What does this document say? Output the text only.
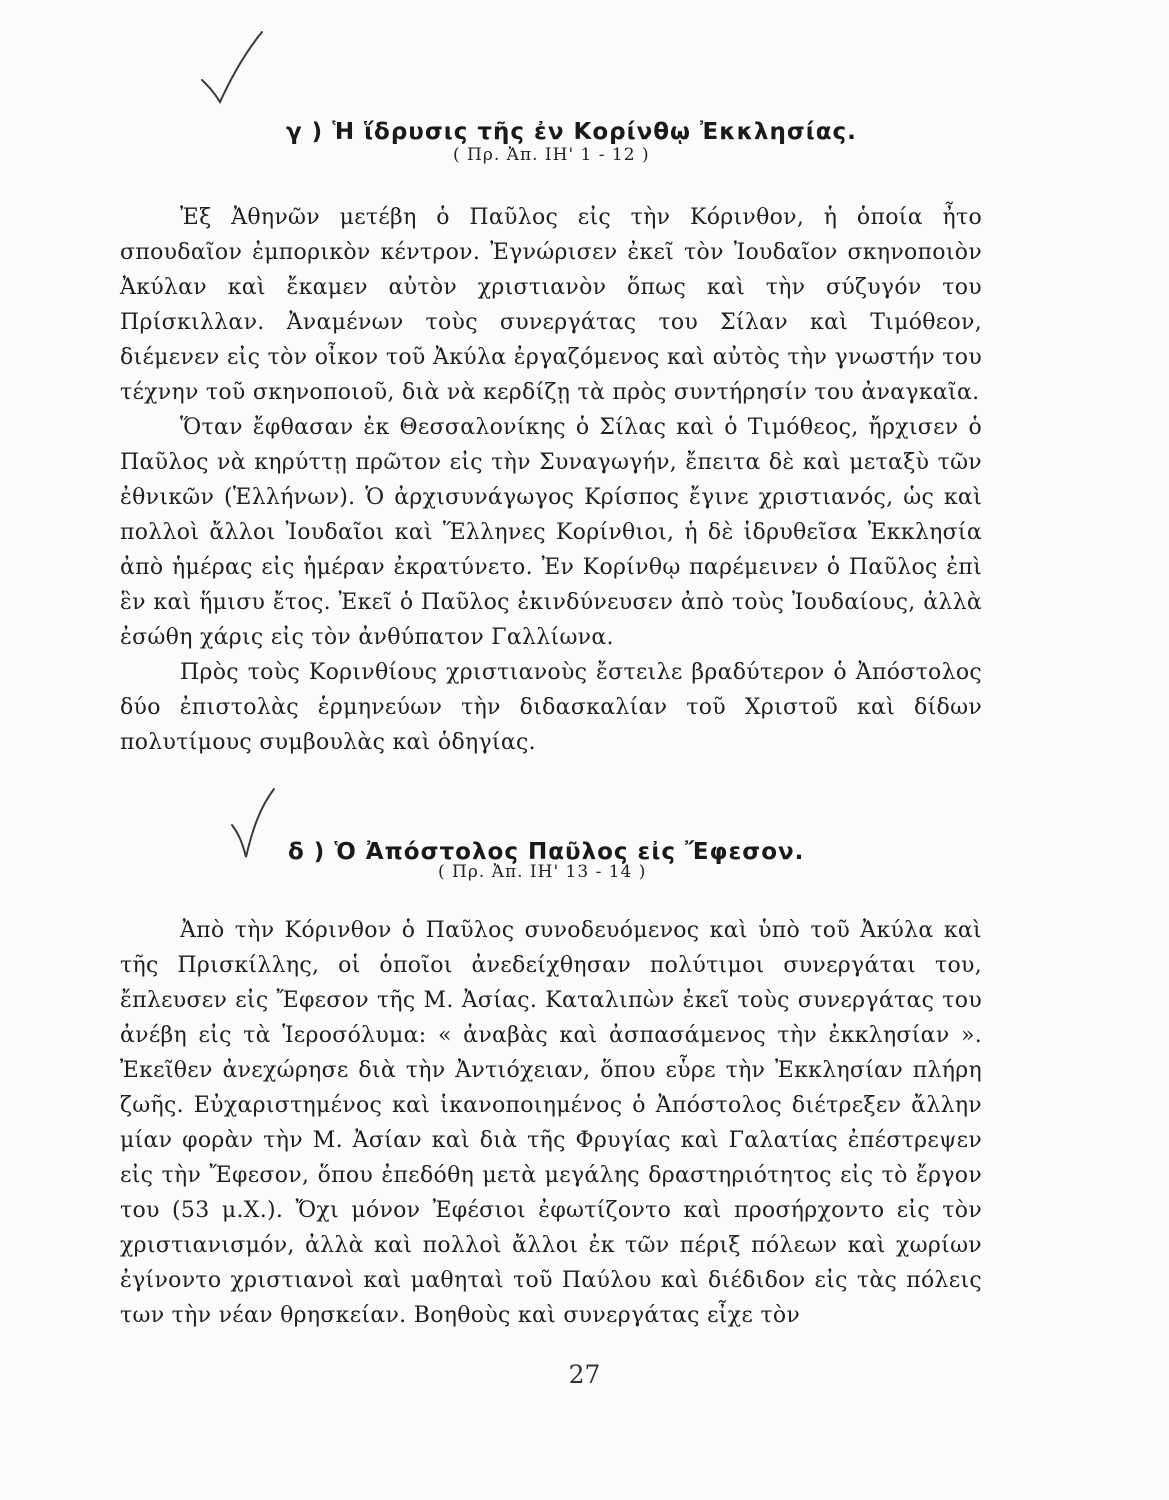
γ ) Ἡ ἵδρυσις τῆς ἐν Κορίνθῳ Ἐκκλησίας.
( Πρ. Ἀπ. ΙΗ' 1 - 12 )

Ἐξ Ἀθηνῶν μετέβη ὁ Παῦλος εἰς τὴν Κόρινθον, ἡ ὁποία ἦτο σπουδαῖον ἐμπορικὸν κέντρον. Ἐγνώρισεν ἐκεῖ τὸν Ἰουδαῖον σκηνοποιὸν Ἀκύλαν καὶ ἔκαμεν αὐτὸν χριστιανὸν ὅπως καὶ τὴν σύζυγόν του Πρίσκιλλαν. Ἀναμένων τοὺς συνεργάτας του Σίλαν καὶ Τιμόθεον, διέμενεν εἰς τὸν οἶκον τοῦ Ἀκύλα ἐργαζόμενος καὶ αὐτὸς τὴν γνωστήν του τέχνην τοῦ σκηνοποιοῦ, διὰ νὰ κερδίζῃ τὰ πρὸς συντήρησίν του ἀναγκαῖα.

Ὅταν ἔφθασαν ἐκ Θεσσαλονίκης ὁ Σίλας καὶ ὁ Τιμόθεος, ἤρχισεν ὁ Παῦλος νὰ κηρύττῃ πρῶτον εἰς τὴν Συναγωγήν, ἔπειτα δὲ καὶ μεταξὺ τῶν ἐθνικῶν (Ἑλλήνων). Ὁ ἀρχισυνάγωγος Κρίσπος ἔγινε χριστιανός, ὡς καὶ πολλοὶ ἄλλοι Ἰουδαῖοι καὶ Ἕλληνες Κορίνθιοι, ἡ δὲ ἱδρυθεῖσα Ἐκκλησία ἀπὸ ἡμέρας εἰς ἡμέραν ἐκρατύνετο. Ἐν Κορίνθῳ παρέμεινεν ὁ Παῦλος ἐπὶ ἓν καὶ ἥμισυ ἔτος. Ἐκεῖ ὁ Παῦλος ἐκινδύνευσεν ἀπὸ τοὺς Ἰουδαίους, ἀλλὰ ἐσώθη χάρις εἰς τὸν ἀνθύπατον Γαλλίωνα.

Πρὸς τοὺς Κορινθίους χριστιανοὺς ἔστειλε βραδύτερον ὁ Ἀπόστολος δύο ἐπιστολὰς ἑρμηνεύων τὴν διδασκαλίαν τοῦ Χριστοῦ καὶ δίδων πολυτίμους συμβουλὰς καὶ ὁδηγίας.

δ ) Ὁ Ἀπόστολος Παῦλος εἰς Ἔφεσον.
( Πρ. Ἀπ. ΙΗ' 13 - 14 )

Ἀπὸ τὴν Κόρινθον ὁ Παῦλος συνοδευόμενος καὶ ὑπὸ τοῦ Ἀκύλα καὶ τῆς Πρισκίλλης, οἱ ὁποῖοι ἀνεδείχθησαν πολύτιμοι συνεργάται του, ἔπλευσεν εἰς Ἔφεσον τῆς Μ. Ἀσίας. Καταλιπὼν ἐκεῖ τοὺς συνεργάτας του ἀνέβη εἰς τὰ Ἱεροσόλυμα: « ἀναβὰς καὶ ἀσπασάμενος τὴν ἐκκλησίαν ». Ἐκεῖθεν ἀνεχώρησε διὰ τὴν Ἀντιόχειαν, ὅπου εὗρε τὴν Ἐκκλησίαν πλήρη ζωῆς. Εὐχαριστημένος καὶ ἱκανοποιημένος ὁ Ἀπόστολος διέτρεξεν ἄλλην μίαν φορὰν τὴν Μ. Ἀσίαν καὶ διὰ τῆς Φρυγίας καὶ Γαλατίας ἐπέστρεψεν εἰς τὴν Ἔφεσον, ὅπου ἐπεδόθη μετὰ μεγάλης δραστηριότητος εἰς τὸ ἔργον του (53 μ.Χ.). Ὄχι μόνον Ἐφέσιοι ἐφωτίζοντο καὶ προσήρχοντο εἰς τὸν χριστιανισμόν, ἀλλὰ καὶ πολλοὶ ἄλλοι ἐκ τῶν πέριξ πόλεων καὶ χωρίων ἐγίνοντο χριστιανοὶ καὶ μαθηταὶ τοῦ Παύλου καὶ διέδιδον εἰς τὰς πόλεις των τὴν νέαν θρησκείαν. Βοηθοὺς καὶ συνεργάτας εἶχε τὸν

27
